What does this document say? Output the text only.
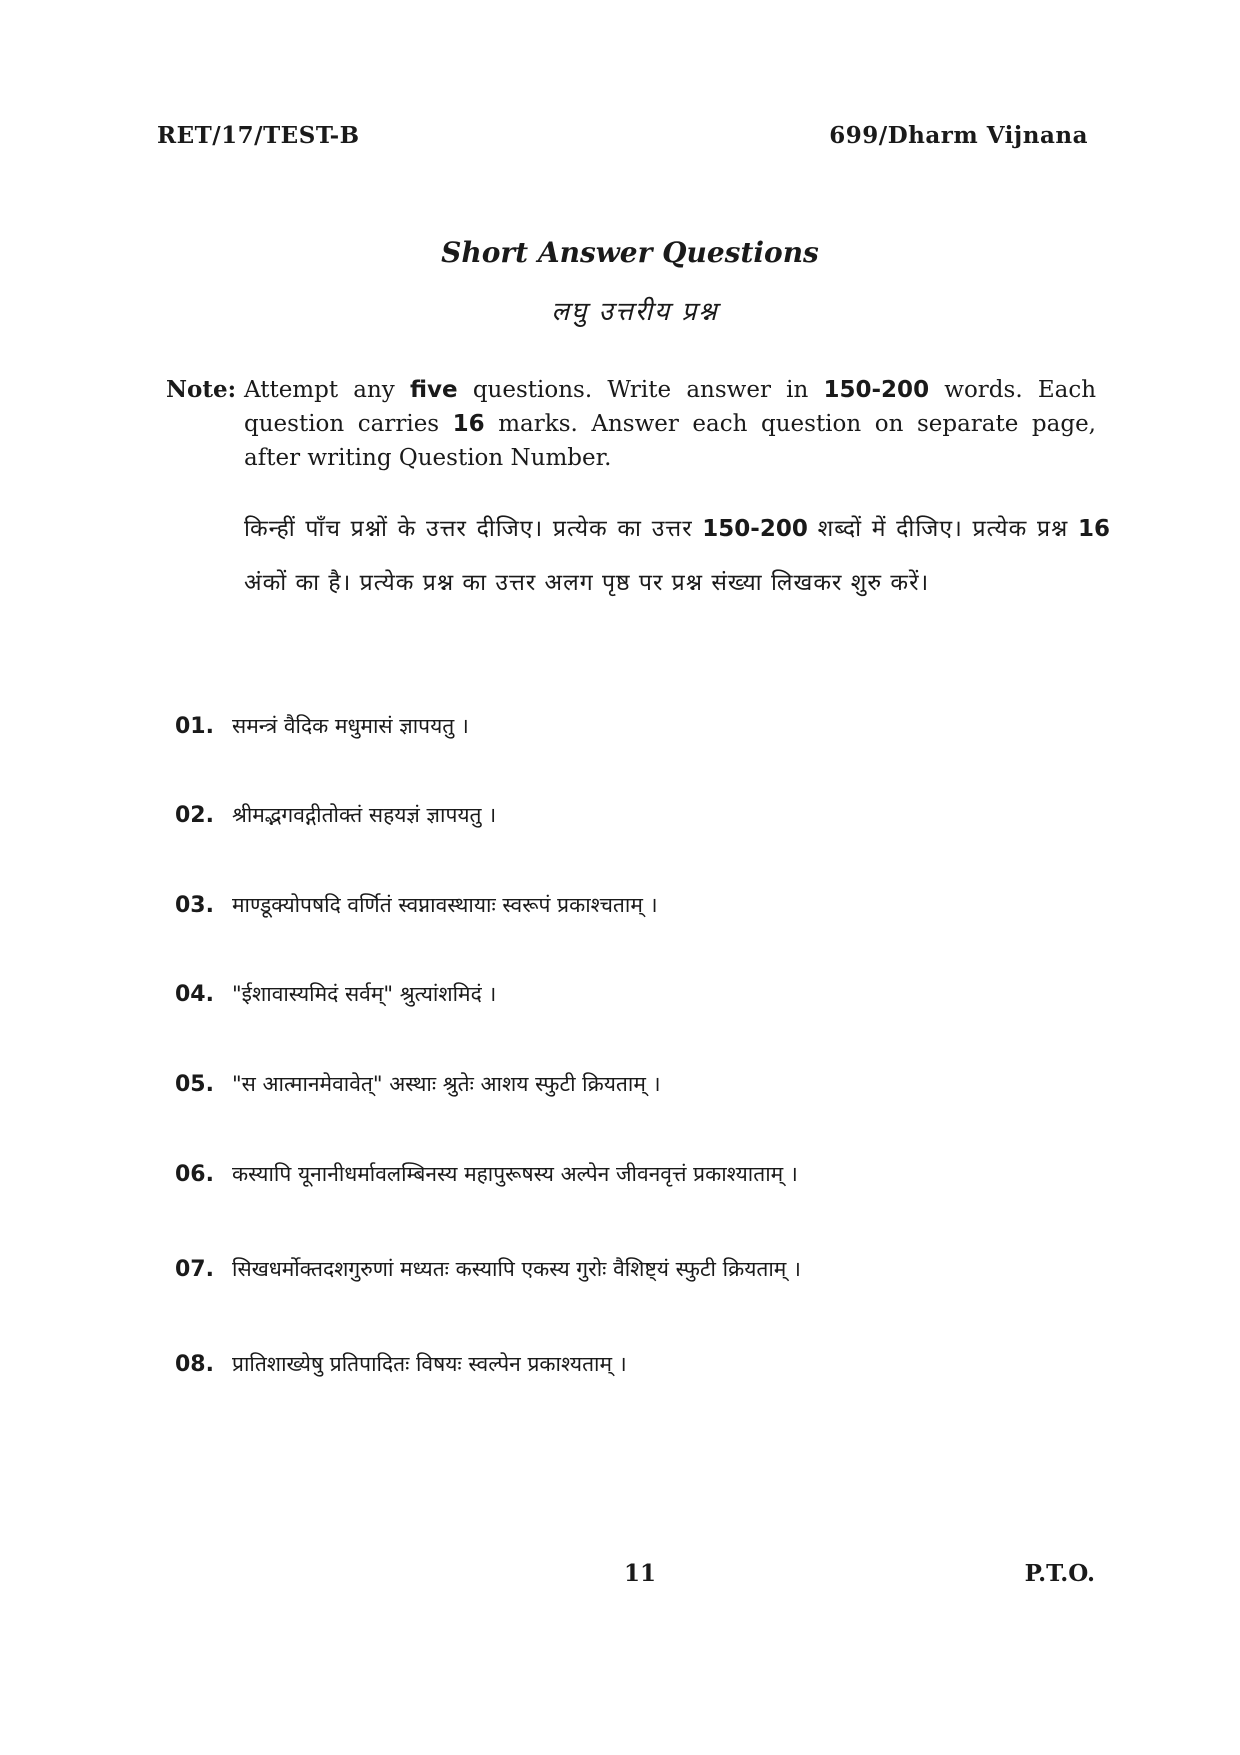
RET/17/TEST-B	699/Dharm Vijnana
Short Answer Questions
लघु उत्तरीय प्रश्न
Note: Attempt any five questions. Write answer in 150-200 words. Each question carries 16 marks. Answer each question on separate page, after writing Question Number.
किन्हीं पाँच प्रश्नों के उत्तर दीजिए। प्रत्येक का उत्तर 150-200 शब्दों में दीजिए। प्रत्येक प्रश्न 16 अंकों का है। प्रत्येक प्रश्न का उत्तर अलग पृष्ठ पर प्रश्न संख्या लिखकर शुरु करें।
01. समन्त्रं वैदिक मधुमासं ज्ञापयतु ।
02. श्रीमद्भगवद्गीतोक्तं सहयज्ञं ज्ञापयतु ।
03. माण्डूक्योपषदि वर्णितं स्वप्नावस्थायाः स्वरूपं प्रकाश्चताम् ।
04. "ईशावास्यमिदं सर्वम्" श्रुत्यांशमिदं ।
05. "स आत्मानमेवावेत्" अस्थाः श्रुतेः आशय स्फुटी क्रियताम् ।
06. कस्यापि यूनानीधर्मावलम्बिनस्य महापुरूषस्य अल्पेन जीवनवृत्तं प्रकाश्याताम् ।
07. सिखधर्मोक्तदशगुरुणां मध्यतः कस्यापि एकस्य गुरोः वैशिष्ट्यं स्फुटी क्रियताम् ।
08. प्रातिशाख्येषु प्रतिपादितः विषयः स्वल्पेन प्रकाश्यताम् ।
11	P.T.O.
